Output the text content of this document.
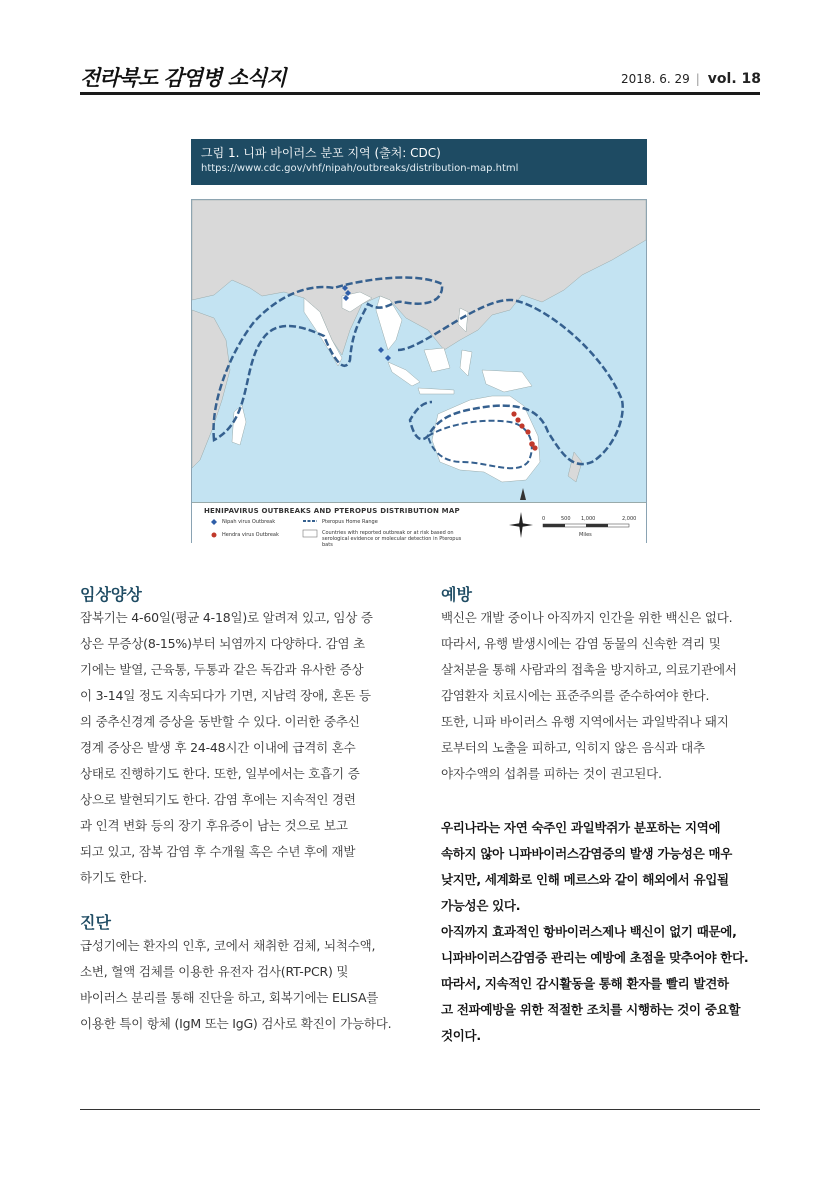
전라북도 감염병 소식지	2018. 6. 29 | vol. 18
그림 1. 니파 바이러스 분포 지역 (출처: CDC)
https://www.cdc.gov/vhf/nipah/outbreaks/distribution-map.html
HENIPAVIRUS OUTBREAKS AND PTEROPUS DISTRIBUTION MAP
Nipah virus Outbreak
Hendra virus Outbreak
Pteropus Home Range
Countries with reported outbreak or at risk based on serological evidence or molecular detection in Pteropus bats
0	500 1,000	2,000
Miles
임상양상

잠복기는 4-60일(평균 4-18일)로 알려져 있고, 임상 증

상은 무증상(8-15%)부터 뇌염까지 다양하다. 감염 초

기에는 발열, 근육통, 두통과 같은 독감과 유사한 증상

이 3-14일 정도 지속되다가 기면, 지남력 장애, 혼돈 등

의 중추신경계 증상을 동반할 수 있다. 이러한 중추신

경계 증상은 발생 후 24-48시간 이내에 급격히 혼수

상태로 진행하기도 한다. 또한, 일부에서는 호흡기 증

상으로 발현되기도 한다. 감염 후에는 지속적인 경련

과 인격 변화 등의 장기 후유증이 남는 것으로 보고

되고 있고, 잠복 감염 후 수개월 혹은 수년 후에 재발

하기도 한다.

진단

급성기에는 환자의 인후, 코에서 채취한 검체, 뇌척수액,

소변, 혈액 검체를 이용한 유전자 검사(RT-PCR) 및

바이러스 분리를 통해 진단을 하고, 회복기에는 ELISA를

이용한 특이 항체 (IgM 또는 IgG) 검사로 확진이 가능하다.

예방

백신은 개발 중이나 아직까지 인간을 위한 백신은 없다.

따라서, 유행 발생시에는 감염 동물의 신속한 격리 및

살처분을 통해 사람과의 접촉을 방지하고, 의료기관에서

감염환자 치료시에는 표준주의를 준수하여야 한다.

또한, 니파 바이러스 유행 지역에서는 과일박쥐나 돼지

로부터의 노출을 피하고, 익히지 않은 음식과 대추

야자수액의 섭취를 피하는 것이 권고된다.

우리나라는 자연 숙주인 과일박쥐가 분포하는 지역에

속하지 않아 니파바이러스감염증의 발생 가능성은 매우

낮지만, 세계화로 인해 메르스와 같이 해외에서 유입될

가능성은 있다.

아직까지 효과적인 항바이러스제나 백신이 없기 때문에,

니파바이러스감염증 관리는 예방에 초점을 맞추어야 한다.

따라서, 지속적인 감시활동을 통해 환자를 빨리 발견하

고 전파예방을 위한 적절한 조치를 시행하는 것이 중요할

것이다.
